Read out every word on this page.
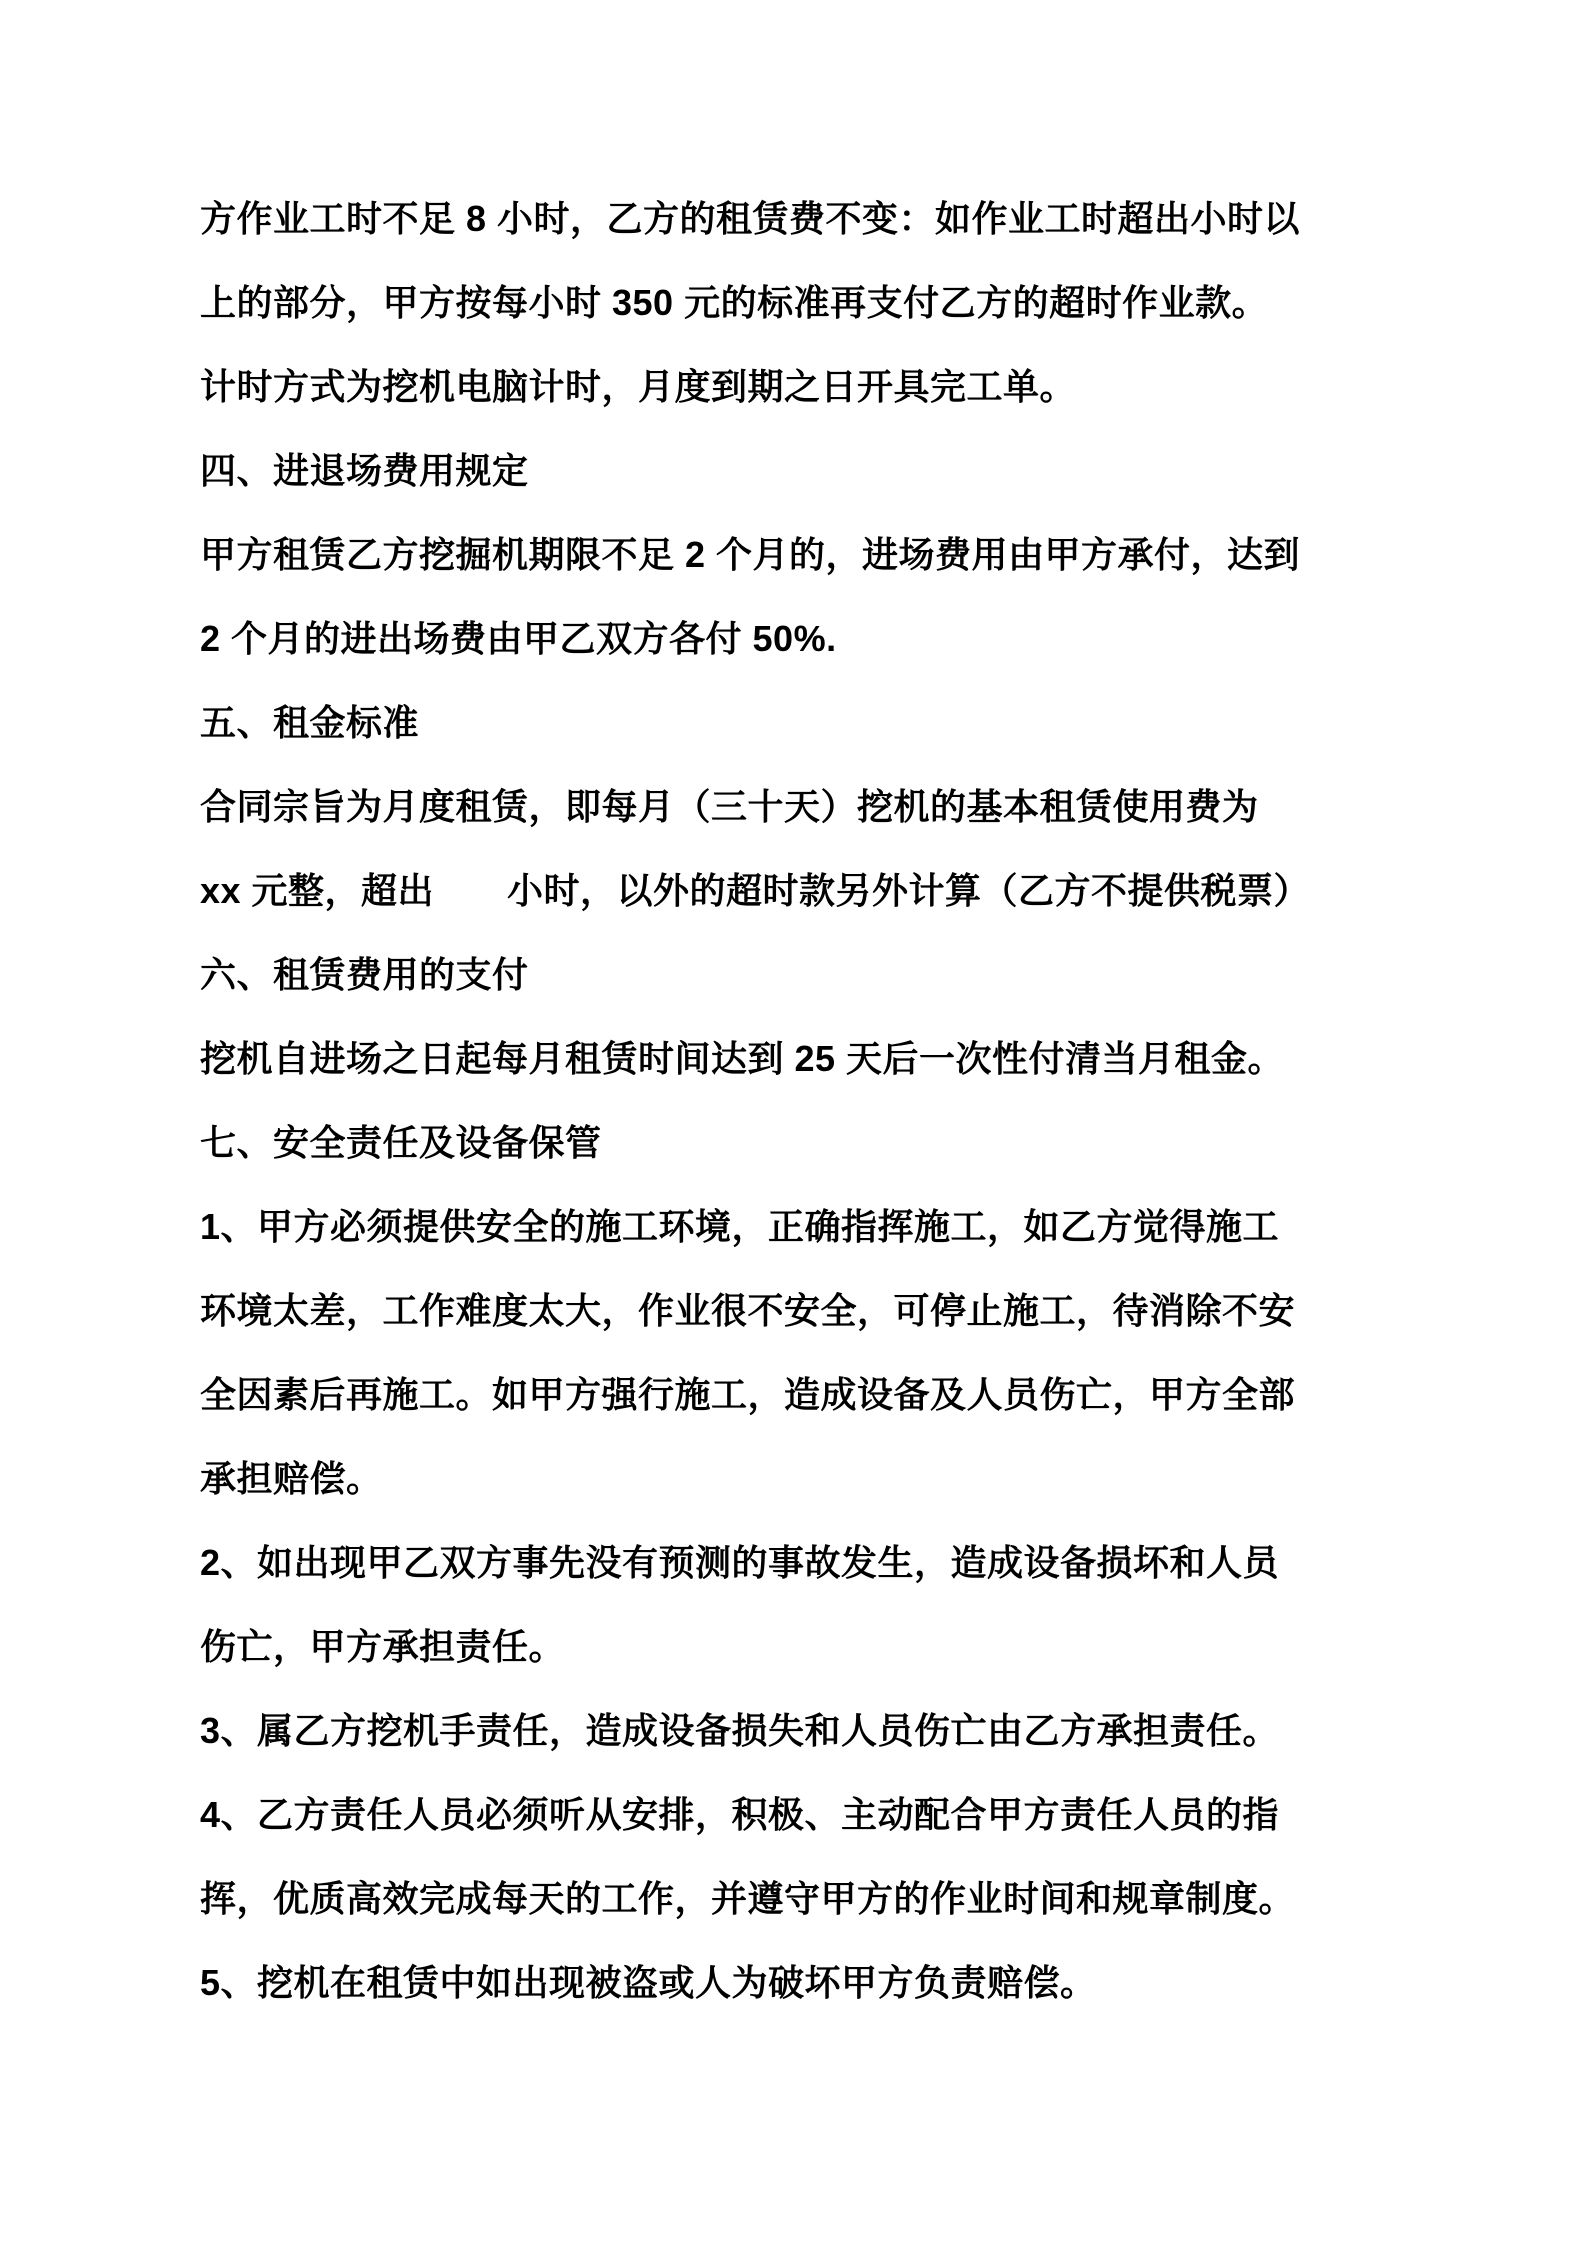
方作业工时不足 8 小时，乙方的租赁费不变：如作业工时超出小时以
上的部分，甲方按每小时 350 元的标准再支付乙方的超时作业款。
计时方式为挖机电脑计时，月度到期之日开具完工单。
四、进退场费用规定
甲方租赁乙方挖掘机期限不足 2 个月的，进场费用由甲方承付，达到
2 个月的进出场费由甲乙双方各付 50%.
五、租金标准
合同宗旨为月度租赁，即每月（三十天）挖机的基本租赁使用费为
xx 元整，超出　　小时，以外的超时款另外计算（乙方不提供税票）
六、租赁费用的支付
挖机自进场之日起每月租赁时间达到 25 天后一次性付清当月租金。
七、安全责任及设备保管
1、甲方必须提供安全的施工环境，正确指挥施工，如乙方觉得施工
环境太差，工作难度太大，作业很不安全，可停止施工，待消除不安
全因素后再施工。如甲方强行施工，造成设备及人员伤亡，甲方全部
承担赔偿。
2、如出现甲乙双方事先没有预测的事故发生，造成设备损坏和人员
伤亡，甲方承担责任。
3、属乙方挖机手责任，造成设备损失和人员伤亡由乙方承担责任。
4、乙方责任人员必须听从安排，积极、主动配合甲方责任人员的指
挥，优质高效完成每天的工作，并遵守甲方的作业时间和规章制度。
5、挖机在租赁中如出现被盗或人为破坏甲方负责赔偿。
